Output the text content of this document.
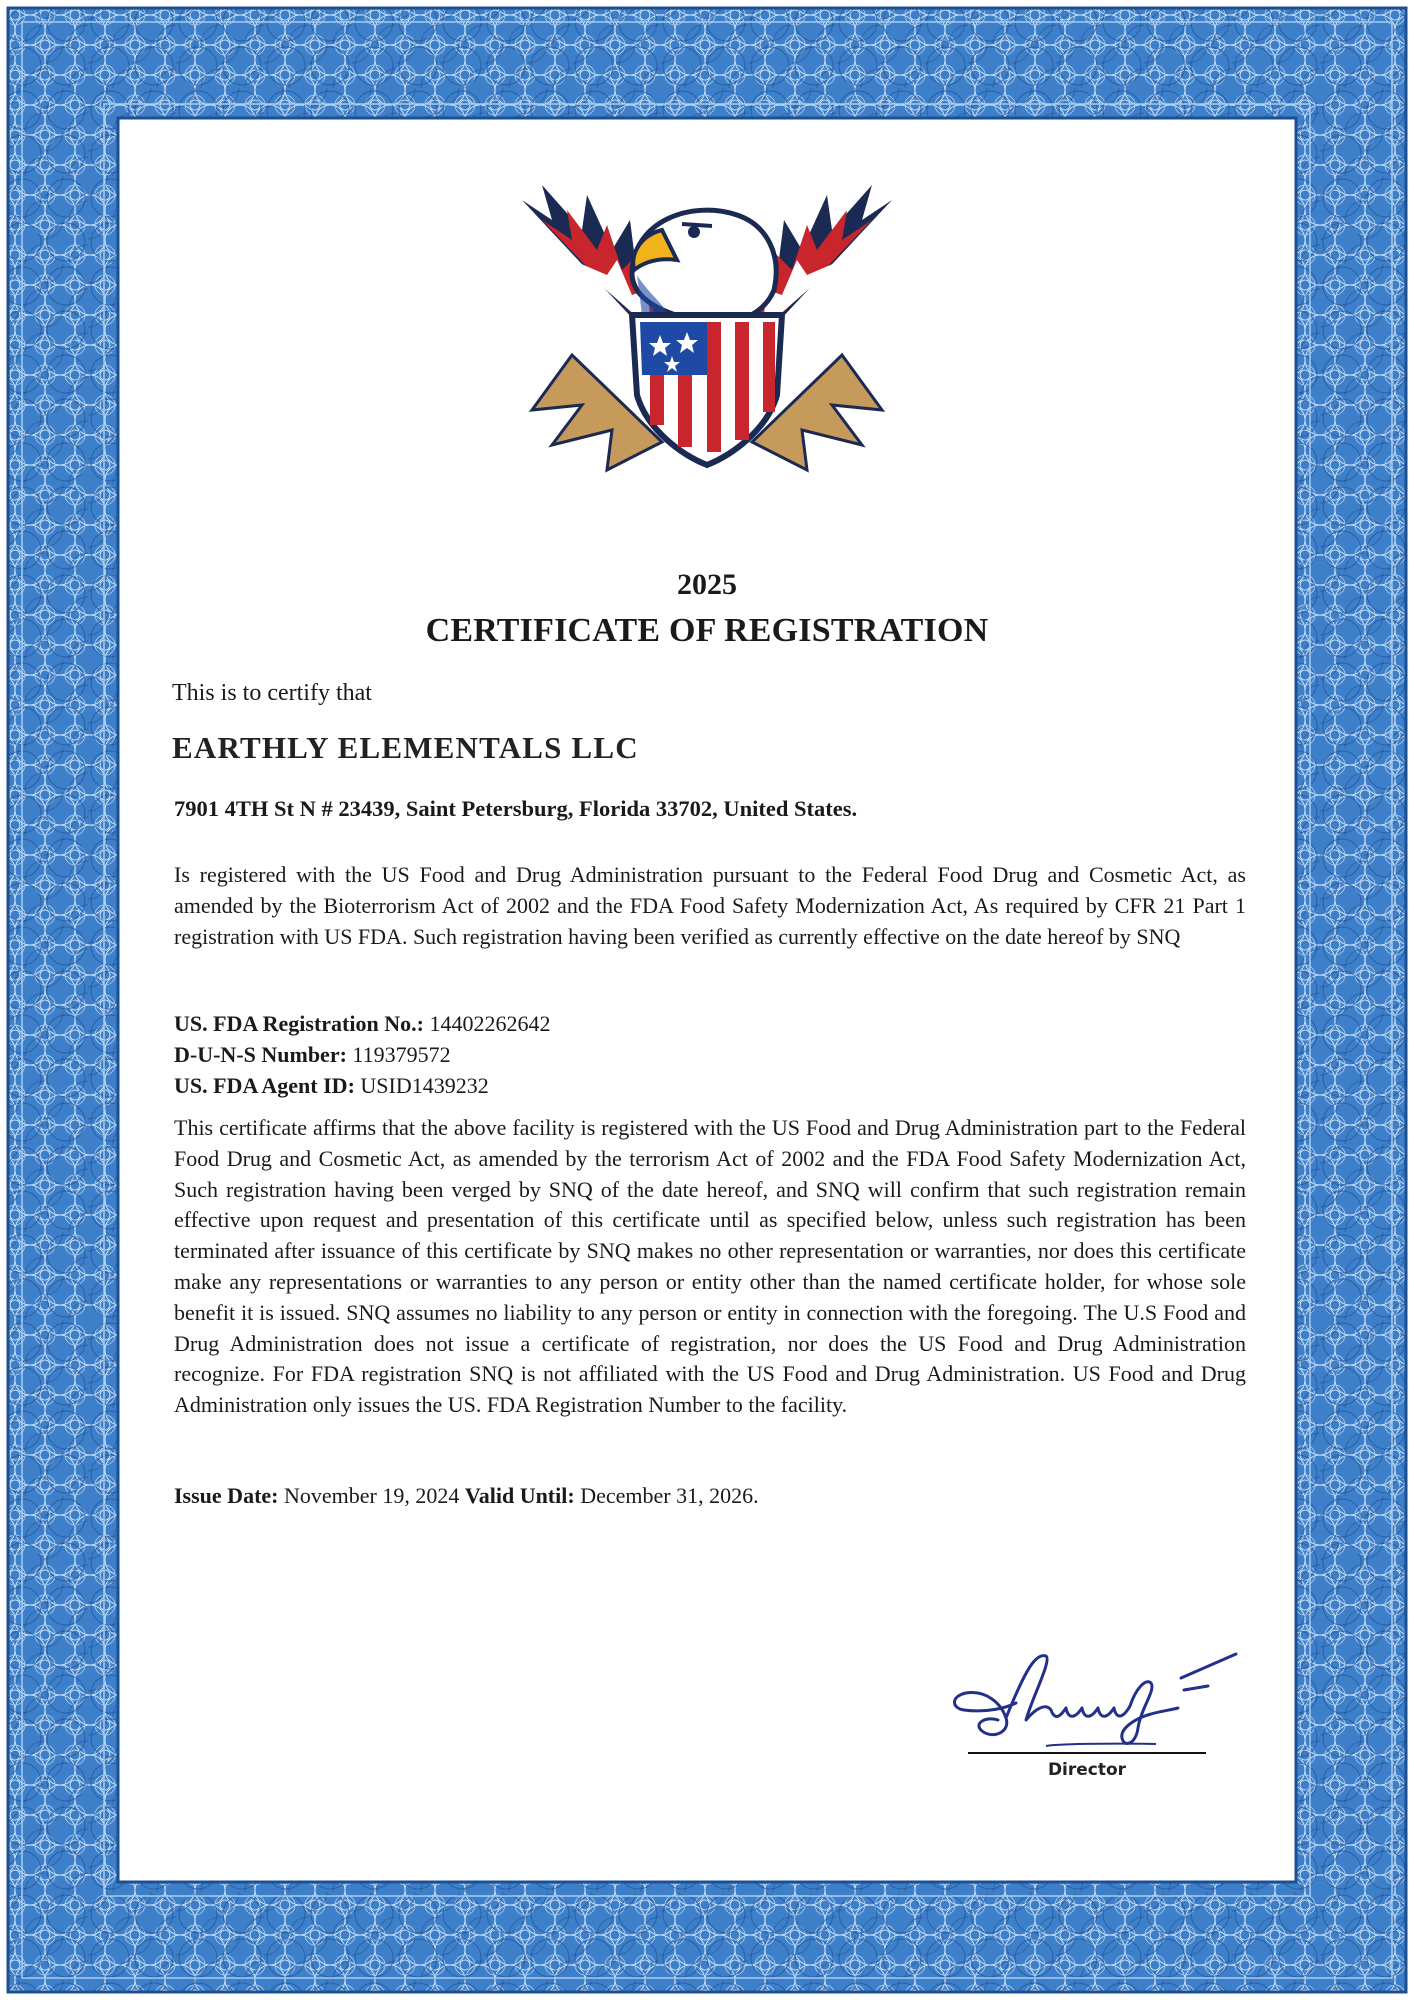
2025
CERTIFICATE OF REGISTRATION
This is to certify that
EARTHLY ELEMENTALS LLC
7901 4TH St N # 23439, Saint Petersburg, Florida 33702, United States.
Is registered with the US Food and Drug Administration pursuant to the Federal Food Drug and Cosmetic Act, as amended by the Bioterrorism Act of 2002 and the FDA Food Safety Modernization Act, As required by CFR 21 Part 1 registration with US FDA. Such registration having been verified as currently effective on the date hereof by SNQ
US. FDA Registration No.: 14402262642
D-U-N-S Number: 119379572
US. FDA Agent ID: USID1439232
This certificate affirms that the above facility is registered with the US Food and Drug Administration part to the Federal Food Drug and Cosmetic Act, as amended by the terrorism Act of 2002 and the FDA Food Safety Modernization Act, Such registration having been verged by SNQ of the date hereof, and SNQ will confirm that such registration remain effective upon request and presentation of this certificate until as specified below, unless such registration has been terminated after issuance of this certificate by SNQ makes no other representation or warranties, nor does this certificate make any representations or warranties to any person or entity other than the named certificate holder, for whose sole benefit it is issued. SNQ assumes no liability to any person or entity in connection with the foregoing. The U.S Food and Drug Administration does not issue a certificate of registration, nor does the US Food and Drug Administration recognize. For FDA registration SNQ is not affiliated with the US Food and Drug Administration. US Food and Drug Administration only issues the US. FDA Registration Number to the facility.
Issue Date: November 19, 2024 Valid Until: December 31, 2026.
Director
